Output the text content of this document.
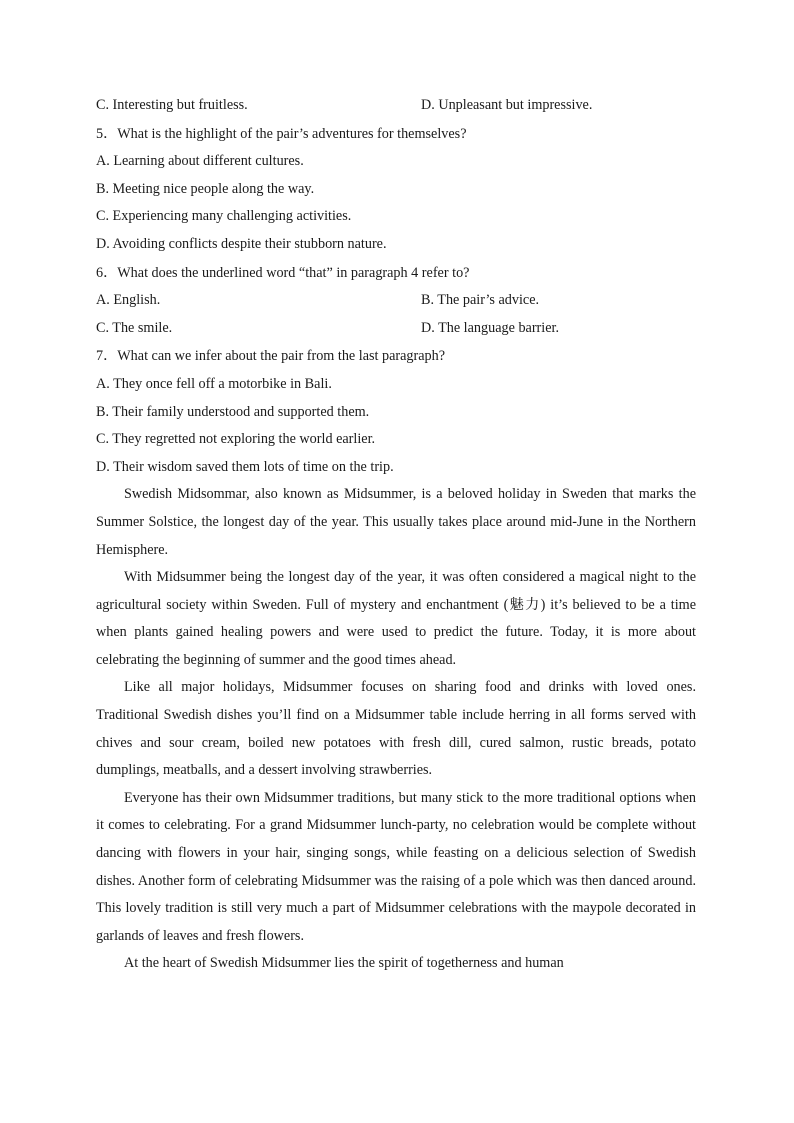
C. Interesting but fruitless.	D. Unpleasant but impressive.
5．What is the highlight of the pair’s adventures for themselves?
A. Learning about different cultures.
B. Meeting nice people along the way.
C. Experiencing many challenging activities.
D. Avoiding conflicts despite their stubborn nature.
6．What does the underlined word “that” in paragraph 4 refer to?
A. English.	B. The pair’s advice.
C. The smile.	D. The language barrier.
7．What can we infer about the pair from the last paragraph?
A. They once fell off a motorbike in Bali.
B. Their family understood and supported them.
C. They regretted not exploring the world earlier.
D. Their wisdom saved them lots of time on the trip.

Swedish Midsommar, also known as Midsummer, is a beloved holiday in Sweden that marks the Summer Solstice, the longest day of the year. This usually takes place around mid-June in the Northern Hemisphere.

With Midsummer being the longest day of the year, it was often considered a magical night to the agricultural society within Sweden. Full of mystery and enchantment (魅力) it’s believed to be a time when plants gained healing powers and were used to predict the future. Today, it is more about celebrating the beginning of summer and the good times ahead.

Like all major holidays, Midsummer focuses on sharing food and drinks with loved ones. Traditional Swedish dishes you’ll find on a Midsummer table include herring in all forms served with chives and sour cream, boiled new potatoes with fresh dill, cured salmon, rustic breads, potato dumplings, meatballs, and a dessert involving strawberries.

Everyone has their own Midsummer traditions, but many stick to the more traditional options when it comes to celebrating. For a grand Midsummer lunch-party, no celebration would be complete without dancing with flowers in your hair, singing songs, while feasting on a delicious selection of Swedish dishes. Another form of celebrating Midsummer was the raising of a pole which was then danced around. This lovely tradition is still very much a part of Midsummer celebrations with the maypole decorated in garlands of leaves and fresh flowers.

At the heart of Swedish Midsummer lies the spirit of togetherness and human
